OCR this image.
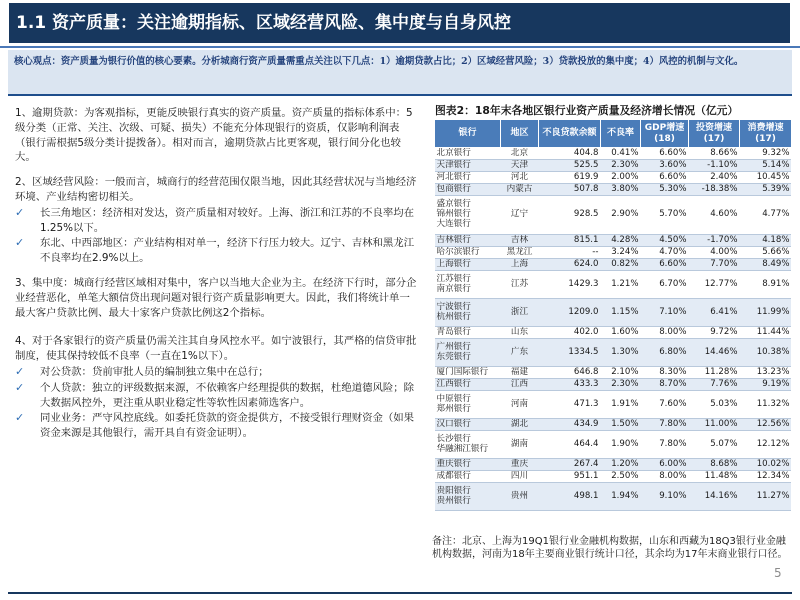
1.1 资产质量：关注逾期指标、区域经营风险、集中度与自身风控
核心观点：资产质量为银行价值的核心要素。分析城商行资产质量需重点关注以下几点：1）逾期贷款占比；2）区域经营风险；3）贷款投放的集中度；4）风控的机制与文化。
1、逾期贷款：为客观指标，更能反映银行真实的资产质量。资产质量的指标体系中：5级分类（正常、关注、次级、可疑、损失）不能充分体现银行的资质，仅影响利润表（银行需根据5级分类计提拨备）。相对而言，逾期贷款占比更客观，银行间分化也较大。
2、区域经营风险：一般而言，城商行的经营范围仅限当地，因此其经营状况与当地经济环境、产业结构密切相关。
✓	长三角地区：经济相对发达，资产质量相对较好。上海、浙江和江苏的不良率均在1.25%以下。
✓	东北、中西部地区：产业结构相对单一，经济下行压力较大。辽宁、吉林和黑龙江不良率均在2.9%以上。
3、集中度：城商行经营区域相对集中，客户以当地大企业为主。在经济下行时，部分企业经营恶化，单笔大额信贷出现问题对银行资产质量影响更大。因此，我们将统计单一最大客户贷款比例、最大十家客户贷款比例这2个指标。
4、对于各家银行的资产质量仍需关注其自身风控水平。如宁波银行，其严格的信贷审批制度，使其保持较低不良率（一直在1%以下）。
✓	对公贷款：贷前审批人员的编制独立集中在总行；
✓	个人贷款：独立的评级数据来源，不依赖客户经理提供的数据，杜绝道德风险；除大数据风控外，更注重从职业稳定性等软性因素筛选客户。
✓	同业业务：严守风控底线。如委托贷款的资金提供方，不接受银行理财资金（如果资金来源是其他银行，需开具自有资金证明）。
图表2：18年末各地区银行业资产质量及经济增长情况（亿元）
银行	地区	不良贷款余额	不良率	GDP增速(18)	投资增速(17)	消费增速(17)

北京银行	北京	404.8	0.41%	6.60%	8.66%	9.32%

天津银行	天津	525.5	2.30%	3.60%	-1.10%	5.14%

河北银行	河北	619.9	2.00%	6.60%	2.40%	10.45%

包商银行	内蒙古	507.8	3.80%	5.30%	-18.38%	5.39%

盛京银行
锦州银行
大连银行	辽宁	928.5	2.90%	5.70%	4.60%	4.77%

吉林银行	吉林	815.1	4.28%	4.50%	-1.70%	4.18%

哈尔滨银行	黑龙江	--	3.24%	4.70%	4.00%	5.66%

上海银行	上海	624.0	0.82%	6.60%	7.70%	8.49%

江苏银行
南京银行	江苏	1429.3	1.21%	6.70%	12.77%	8.91%

宁波银行
杭州银行	浙江	1209.0	1.15%	7.10%	6.41%	11.99%

青岛银行	山东	402.0	1.60%	8.00%	9.72%	11.44%

广州银行
东莞银行	广东	1334.5	1.30%	6.80%	14.46%	10.38%

厦门国际银行	福建	646.8	2.10%	8.30%	11.28%	13.23%

江西银行	江西	433.3	2.30%	8.70%	7.76%	9.19%

中原银行
郑州银行	河南	471.3	1.91%	7.60%	5.03%	11.32%

汉口银行	湖北	434.9	1.50%	7.80%	11.00%	12.56%

长沙银行
华融湘江银行	湖南	464.4	1.90%	7.80%	5.07%	12.12%

重庆银行	重庆	267.4	1.20%	6.00%	8.68%	10.02%

成都银行	四川	951.1	2.50%	8.00%	11.48%	12.34%

贵阳银行
贵州银行	贵州	498.1	1.94%	9.10%	14.16%	11.27%
备注：北京、上海为19Q1银行业金融机构数据，山东和西藏为18Q3银行业金融机构数据，河南为18年主要商业银行统计口径，其余均为17年末商业银行口径。
5
